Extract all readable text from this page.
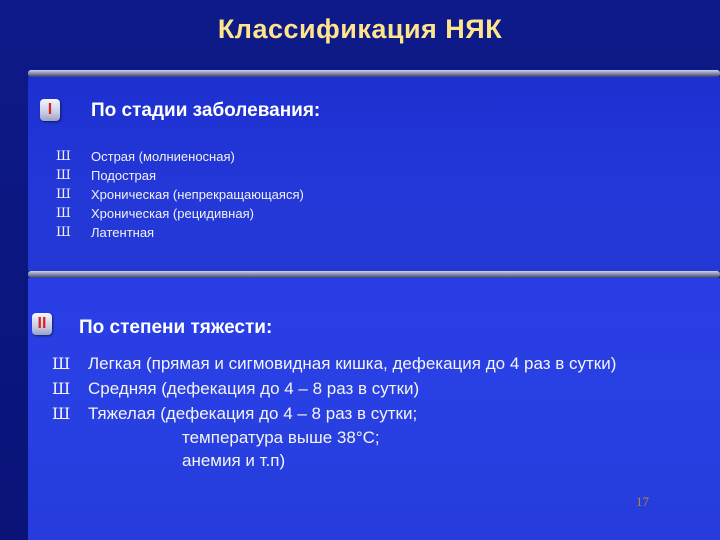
Классификация НЯК
I	По стадии заболевания:
Ш	Острая (молниеносная)
Ш	Подострая
Ш	Хроническая (непрекращающаяся)
Ш	Хроническая (рецидивная)
Ш	Латентная
II По степени тяжести:
Ш	Легкая (прямая и сигмовидная кишка, дефекация до 4 раз в сутки)
Ш	Средняя (дефекация до 4 – 8 раз в сутки)
Ш	Тяжелая (дефекация до 4 – 8 раз в сутки;
температура выше 38°С;
анемия и т.п)
17
